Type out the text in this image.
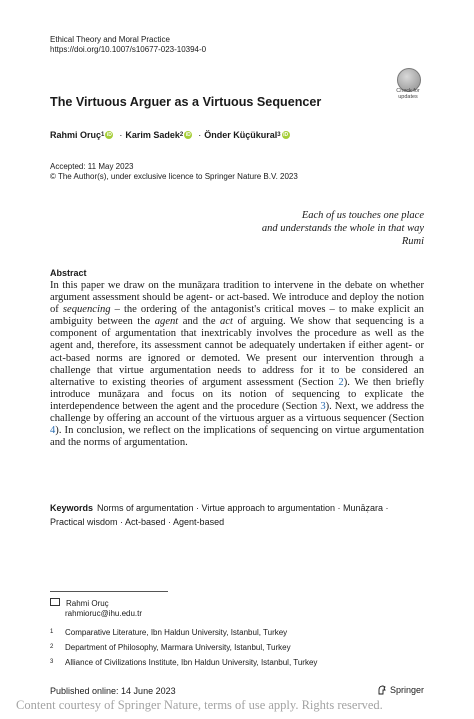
Ethical Theory and Moral Practice
https://doi.org/10.1007/s10677-023-10394-0
Check for
updates
The Virtuous Arguer as a Virtuous Sequencer
Rahmi Oruç 1 iD · Karim Sadek 2 iD · Önder Küçükural 3 iD
Accepted: 11 May 2023
© The Author(s), under exclusive licence to Springer Nature B.V. 2023
Each of us touches one place
and understands the whole in that way
Rumi
Abstract

In this paper we draw on the munāẓara tradition to intervene in the debate on whether argument assessment should be agent- or act-based. We introduce and deploy the notion of sequencing – the ordering of the antagonist's critical moves – to make explicit an ambiguity between the agent and the act of arguing. We show that sequencing is a component of argumentation that inextricably involves the procedure as well as the agent and, therefore, its assessment cannot be adequately undertaken if either agent- or act-based norms are ignored or demoted. We present our intervention through a challenge that virtue argumentation needs to address for it to be considered an alternative to existing theories of argument assessment (Section 2). We then briefly introduce munāẓara and focus on its notion of sequencing to explicate the interdependence between the agent and the procedure (Section 3). Next, we address the challenge by offering an account of the virtuous arguer as a virtuous sequencer (Section 4). In conclusion, we reflect on the implications of sequencing on virtue argumentation and the norms of argumentation.

Keywords Norms of argumentation · Virtue approach to argumentation · Munāẓara · Practical wisdom · Act-based · Agent-based
Rahmi Oruç
rahmioruc@ihu.edu.tr
1 Comparative Literature, Ibn Haldun University, Istanbul, Turkey
2 Department of Philosophy, Marmara University, Istanbul, Turkey
3 Alliance of Civilizations Institute, Ibn Haldun University, Istanbul, Turkey
Published online: 14 June 2023	Springer
Content courtesy of Springer Nature, terms of use apply. Rights reserved.
